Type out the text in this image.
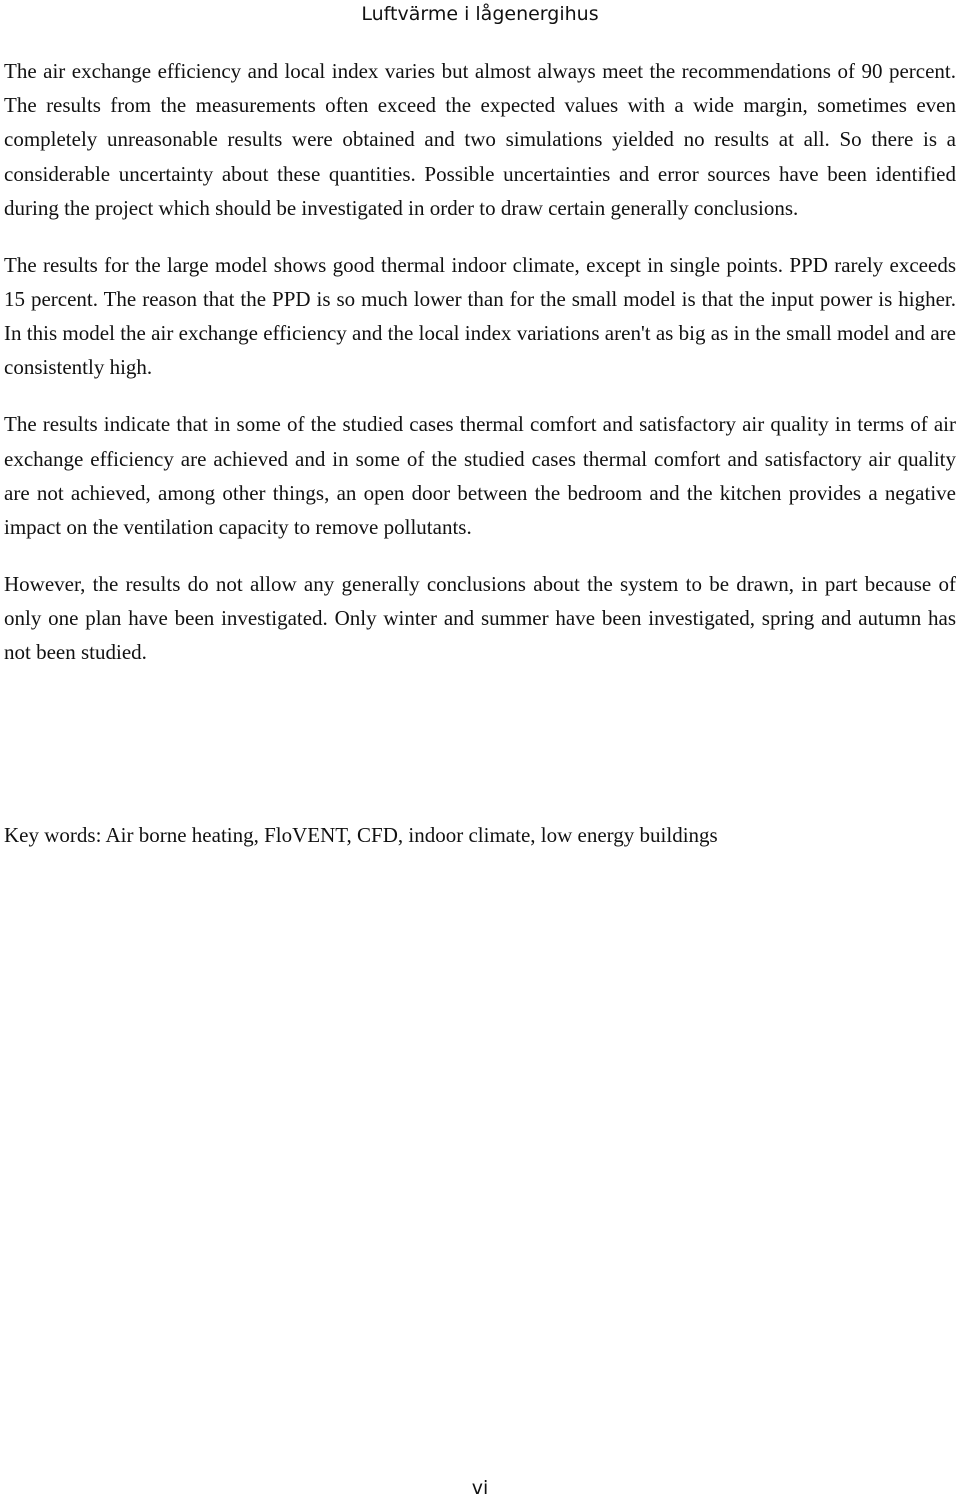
Luftvärme i lågenergihus

The air exchange efficiency and local index varies but almost always meet the recommendations of 90 percent. The results from the measurements often exceed the expected values with a wide margin, sometimes even completely unreasonable results were obtained and two simulations yielded no results at all. So there is a considerable uncertainty about these quantities. Possible uncertainties and error sources have been identified during the project which should be investigated in order to draw certain generally conclusions.

The results for the large model shows good thermal indoor climate, except in single points. PPD rarely exceeds 15 percent. The reason that the PPD is so much lower than for the small model is that the input power is higher. In this model the air exchange efficiency and the local index variations aren't as big as in the small model and are consistently high.

The results indicate that in some of the studied cases thermal comfort and satisfactory air quality in terms of air exchange efficiency are achieved and in some of the studied cases thermal comfort and satisfactory air quality are not achieved, among other things, an open door between the bedroom and the kitchen provides a negative impact on the ventilation capacity to remove pollutants.

However, the results do not allow any generally conclusions about the system to be drawn, in part because of only one plan have been investigated. Only winter and summer have been investigated, spring and autumn has not been studied.

Key words: Air borne heating, FloVENT, CFD, indoor climate, low energy buildings

vi
